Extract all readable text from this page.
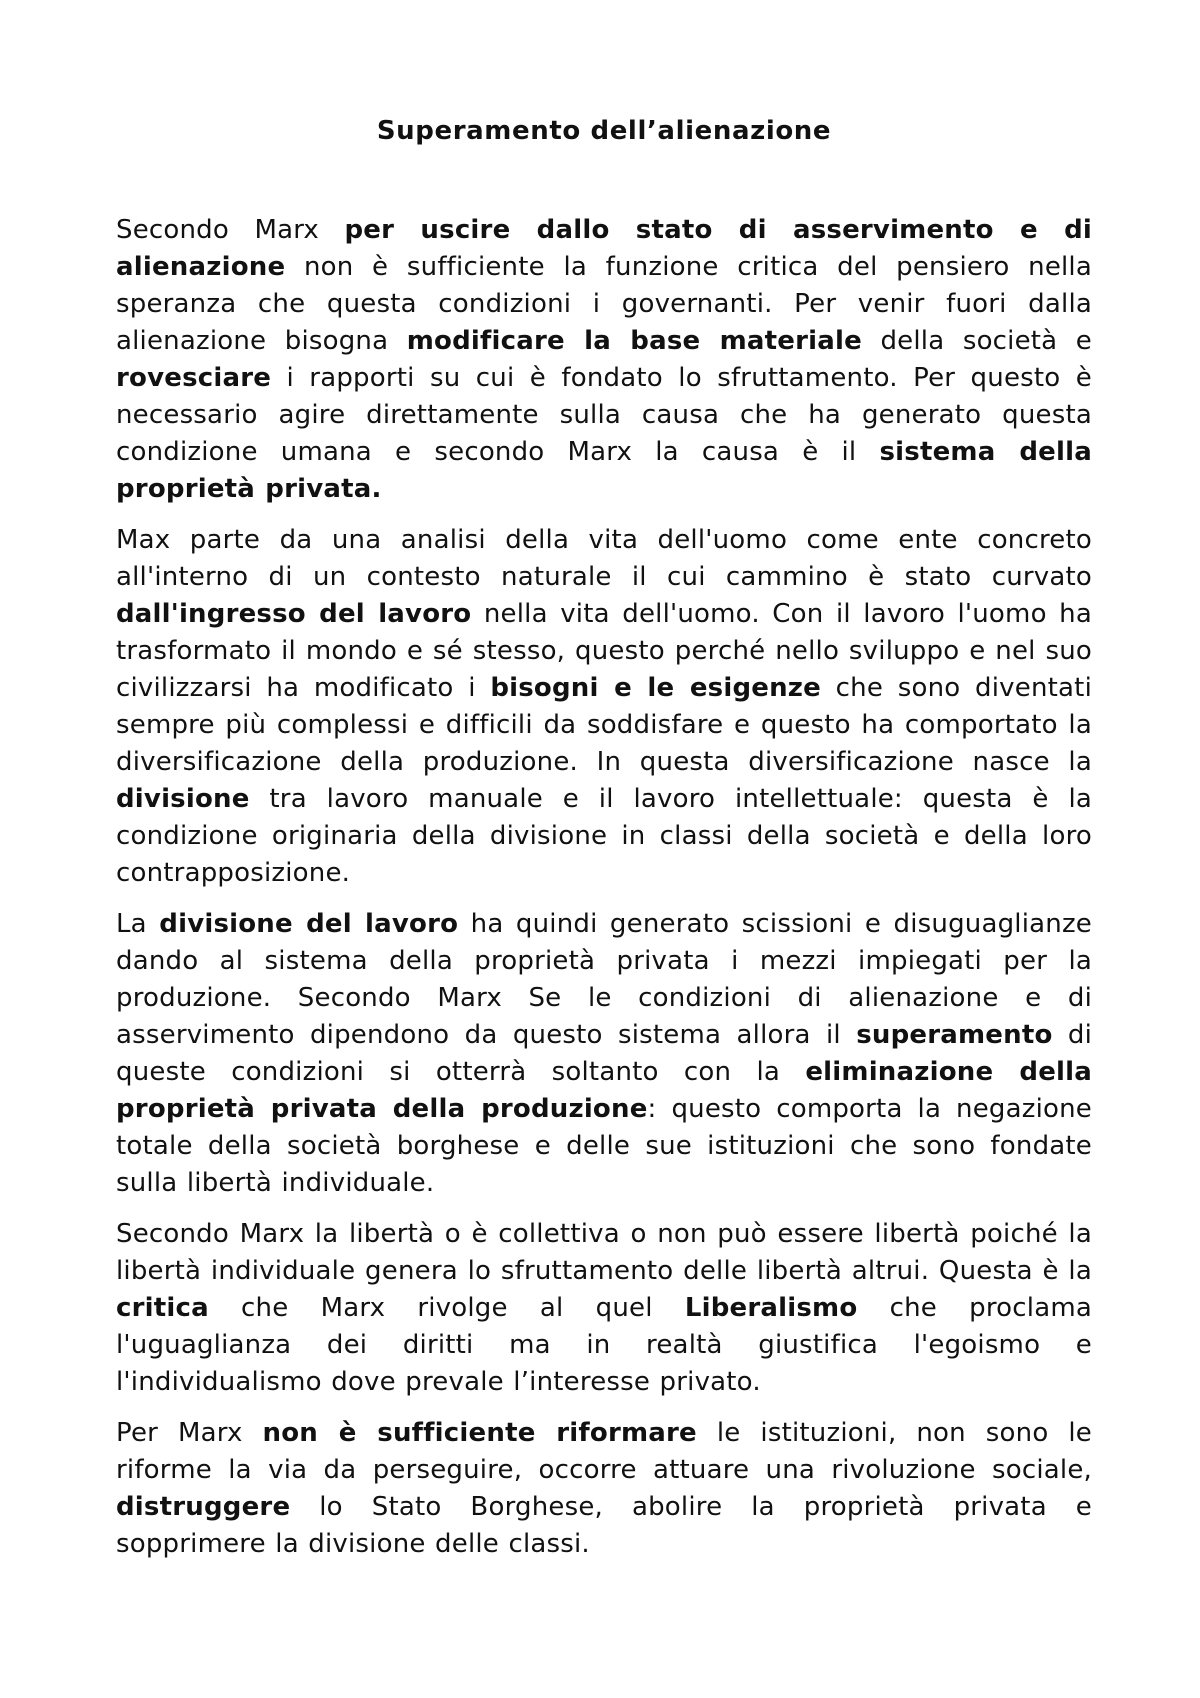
Superamento dell’alienazione

Secondo Marx per uscire dallo stato di asservimento e di alienazione non è sufficiente la funzione critica del pensiero nella speranza che questa condizioni i governanti. Per venir fuori dalla alienazione bisogna modificare la base materiale della società e rovesciare i rapporti su cui è fondato lo sfruttamento. Per questo è necessario agire direttamente sulla causa che ha generato questa condizione umana e secondo Marx la causa è il sistema della proprietà privata.

Max parte da una analisi della vita dell'uomo come ente concreto all'interno di un contesto naturale il cui cammino è stato curvato dall'ingresso del lavoro nella vita dell'uomo. Con il lavoro l'uomo ha trasformato il mondo e sé stesso, questo perché nello sviluppo e nel suo civilizzarsi ha modificato i bisogni e le esigenze che sono diventati sempre più complessi e difficili da soddisfare e questo ha comportato la diversificazione della produzione. In questa diversificazione nasce la divisione tra lavoro manuale e il lavoro intellettuale: questa è la condizione originaria della divisione in classi della società e della loro contrapposizione.

La divisione del lavoro ha quindi generato scissioni e disuguaglianze dando al sistema della proprietà privata i mezzi impiegati per la produzione. Secondo Marx Se le condizioni di alienazione e di asservimento dipendono da questo sistema allora il superamento di queste condizioni si otterrà soltanto con la eliminazione della proprietà privata della produzione: questo comporta la negazione totale della società borghese e delle sue istituzioni che sono fondate sulla libertà individuale.

Secondo Marx la libertà o è collettiva o non può essere libertà poiché la libertà individuale genera lo sfruttamento delle libertà altrui. Questa è la critica che Marx rivolge al quel Liberalismo che proclama l'uguaglianza dei diritti ma in realtà giustifica l'egoismo e l'individualismo dove prevale l’interesse privato.

Per Marx non è sufficiente riformare le istituzioni, non sono le riforme la via da perseguire, occorre attuare una rivoluzione sociale, distruggere lo Stato Borghese, abolire la proprietà privata e sopprimere la divisione delle classi.
